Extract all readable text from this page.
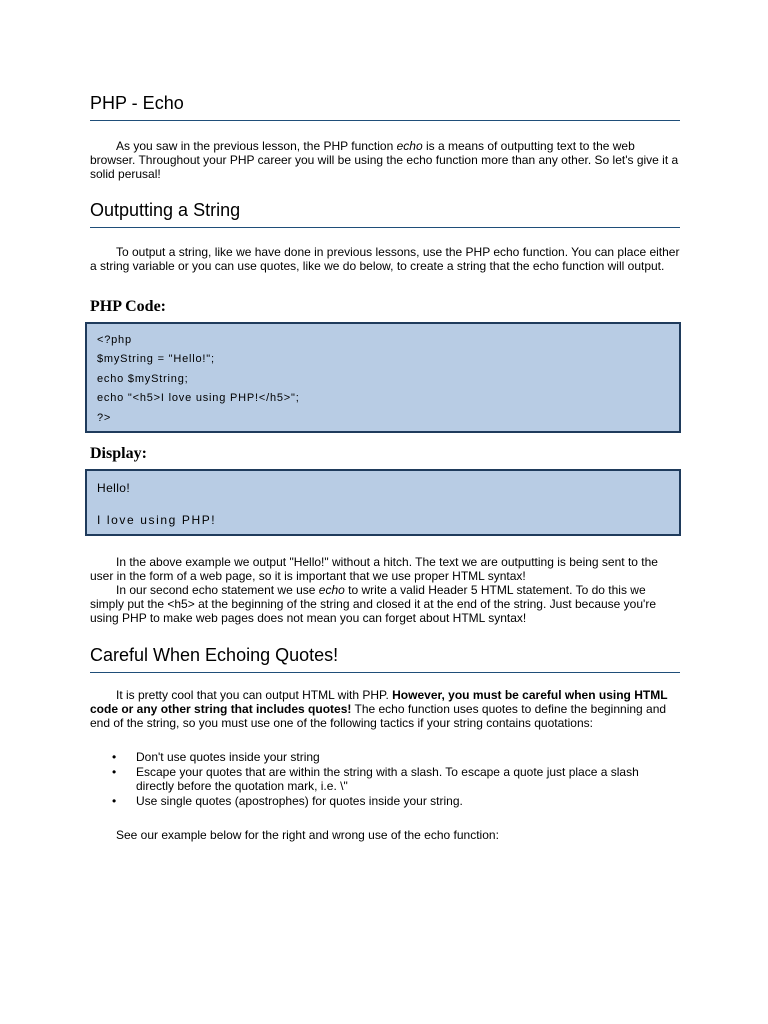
PHP - Echo

As you saw in the previous lesson, the PHP function echo is a means of outputting text to the web browser. Throughout your PHP career you will be using the echo function more than any other. So let's give it a solid perusal!

Outputting a String

To output a string, like we have done in previous lessons, use the PHP echo function. You can place either a string variable or you can use quotes, like we do below, to create a string that the echo function will output.

PHP Code:
<?php
$myString = "Hello!";
echo $myString;
echo "<h5>I love using PHP!</h5>";
?>
Display:
Hello!
I love using PHP!

In the above example we output "Hello!" without a hitch. The text we are outputting is being sent to the user in the form of a web page, so it is important that we use proper HTML syntax!

In our second echo statement we use echo to write a valid Header 5 HTML statement. To do this we simply put the <h5> at the beginning of the string and closed it at the end of the string. Just because you're using PHP to make web pages does not mean you can forget about HTML syntax!

Careful When Echoing Quotes!

It is pretty cool that you can output HTML with PHP. However, you must be careful when using HTML code or any other string that includes quotes! The echo function uses quotes to define the beginning and end of the string, so you must use one of the following tactics if your string contains quotations:

• Don't use quotes inside your string
• Escape your quotes that are within the string with a slash. To escape a quote just place a slash directly before the quotation mark, i.e. \"
• Use single quotes (apostrophes) for quotes inside your string.

See our example below for the right and wrong use of the echo function:
